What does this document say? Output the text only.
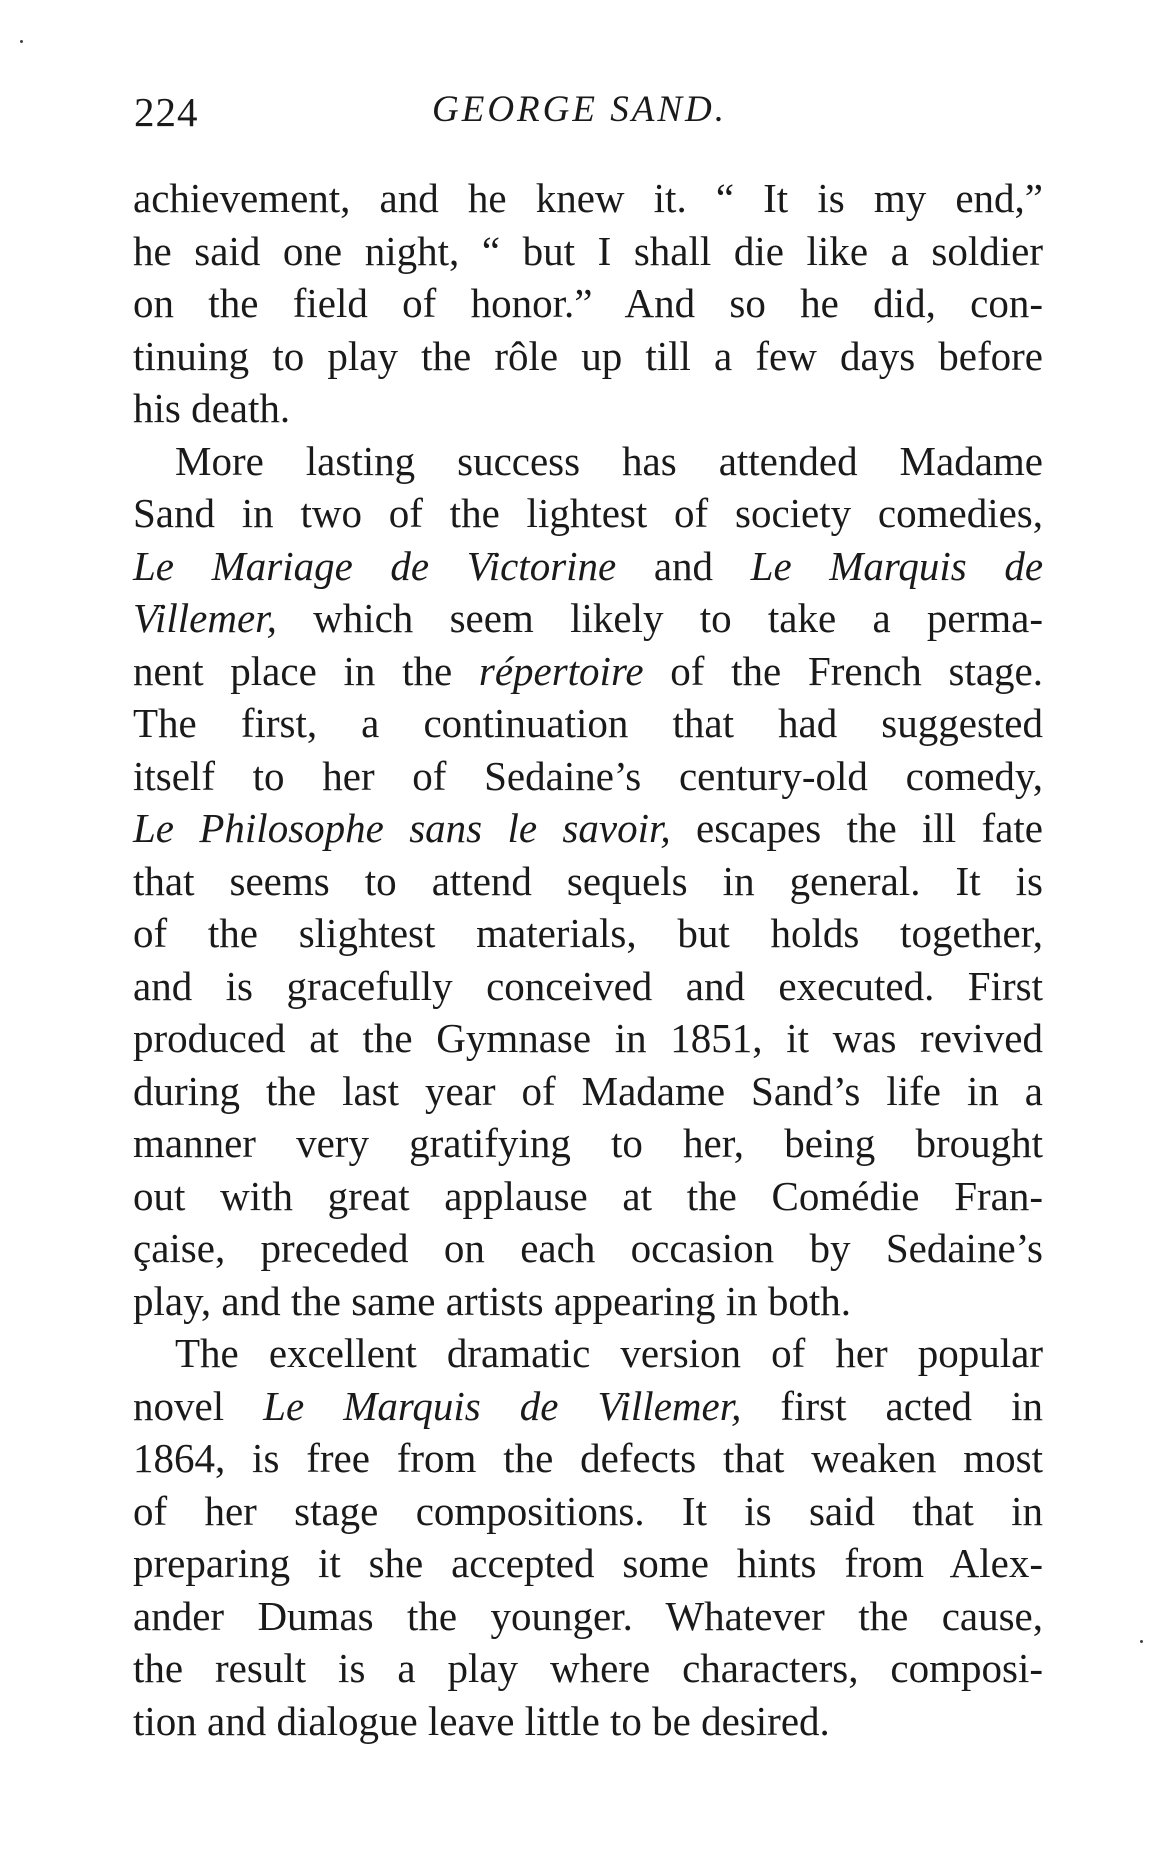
224	GEORGE SAND.
achievement, and he knew it. “ It is my end,”
he said one night, “ but I shall die like a soldier
on the field of honor.” And so he did, con-
tinuing to play the rôle up till a few days before
his death.
More lasting success has attended Madame
Sand in two of the lightest of society comedies,
Le Mariage de Victorine and Le Marquis de
Villemer, which seem likely to take a perma-
nent place in the répertoire of the French stage.
The first, a continuation that had suggested
itself to her of Sedaine’s century-old comedy,
Le Philosophe sans le savoir, escapes the ill fate
that seems to attend sequels in general. It is
of the slightest materials, but holds together,
and is gracefully conceived and executed. First
produced at the Gymnase in 1851, it was revived
during the last year of Madame Sand’s life in a
manner very gratifying to her, being brought
out with great applause at the Comédie Fran-
çaise, preceded on each occasion by Sedaine’s
play, and the same artists appearing in both.
The excellent dramatic version of her popular
novel Le Marquis de Villemer, first acted in
1864, is free from the defects that weaken most
of her stage compositions. It is said that in
preparing it she accepted some hints from Alex-
ander Dumas the younger. Whatever the cause,
the result is a play where characters, composi-
tion and dialogue leave little to be desired.
